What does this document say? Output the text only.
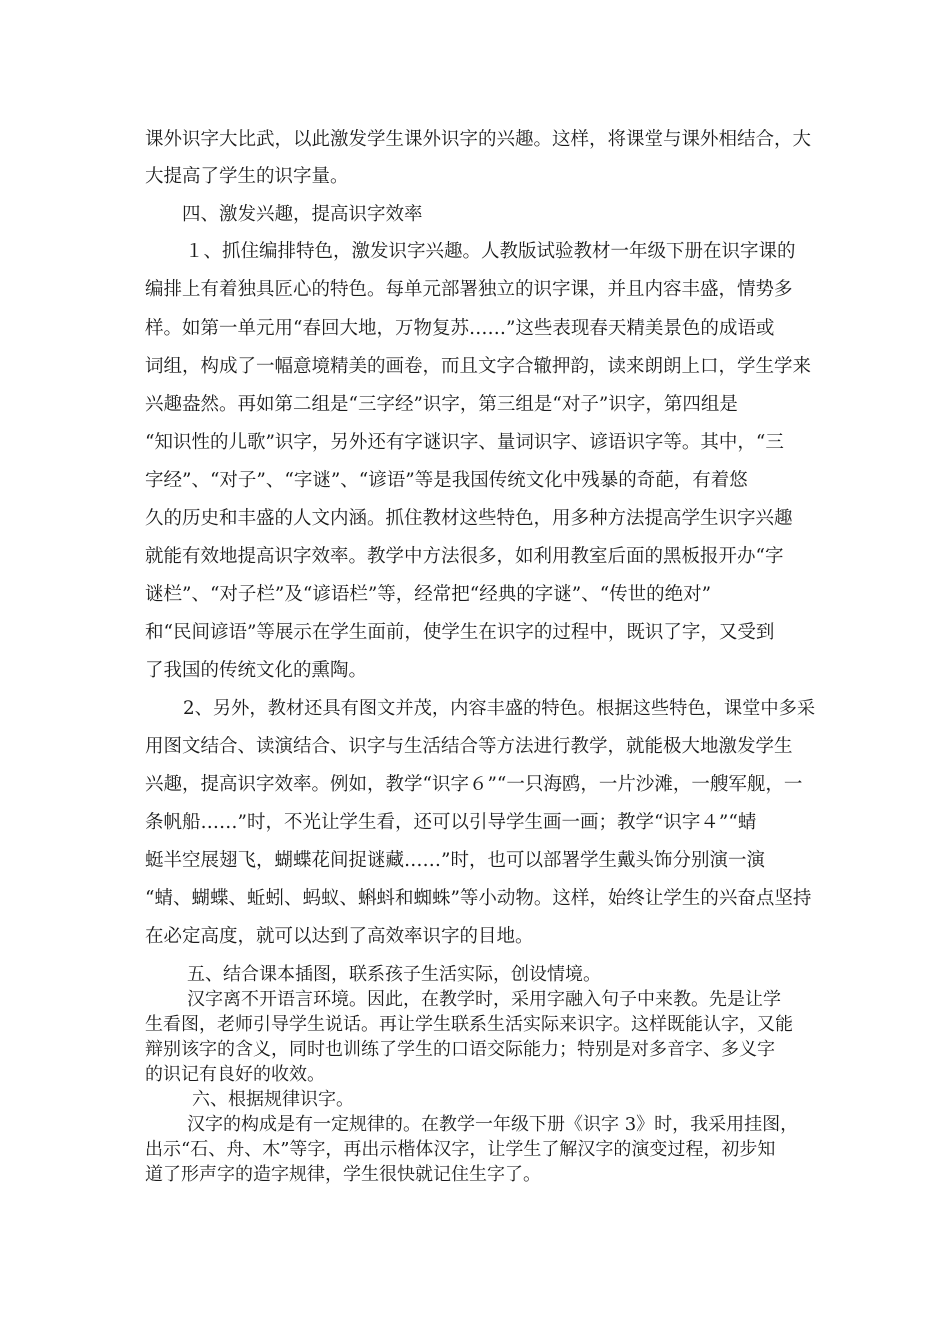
课外识字大比武，以此激发学生课外识字的兴趣。这样，将课堂与课外相结合，大
大提高了学生的识字量。
四、激发兴趣，提高识字效率
１、抓住编排特色，激发识字兴趣。人教版试验教材一年级下册在识字课的
编排上有着独具匠心的特色。每单元部署独立的识字课，并且内容丰盛，情势多
样。如第一单元用“春回大地，万物复苏……”这些表现春天精美景色的成语或
词组，构成了一幅意境精美的画卷，而且文字合辙押韵，读来朗朗上口，学生学来
兴趣盎然。再如第二组是“三字经”识字，第三组是“对子”识字，第四组是
“知识性的儿歌”识字，另外还有字谜识字、量词识字、谚语识字等。其中，“三
字经”、“对子”、“字谜”、“谚语”等是我国传统文化中残暴的奇葩，有着悠
久的历史和丰盛的人文内涵。抓住教材这些特色，用多种方法提高学生识字兴趣
就能有效地提高识字效率。教学中方法很多，如利用教室后面的黑板报开办“字
谜栏”、“对子栏”及“谚语栏”等，经常把“经典的字谜”、“传世的绝对”
和“民间谚语”等展示在学生面前，使学生在识字的过程中，既识了字，又受到
了我国的传统文化的熏陶。
2、另外，教材还具有图文并茂，内容丰盛的特色。根据这些特色，课堂中多采
用图文结合、读演结合、识字与生活结合等方法进行教学，就能极大地激发学生
兴趣，提高识字效率。例如，教学“识字６”“一只海鸥，一片沙滩，一艘军舰，一
条帆船……”时，不光让学生看，还可以引导学生画一画；教学“识字４”“蜻
蜓半空展翅飞，蝴蝶花间捉谜藏……”时，也可以部署学生戴头饰分别演一演
“蜻、蝴蝶、蚯蚓、蚂蚁、蝌蚪和蜘蛛”等小动物。这样，始终让学生的兴奋点坚持
在必定高度，就可以达到了高效率识字的目地。
五、结合课本插图，联系孩子生活实际，创设情境。
汉字离不开语言环境。因此，在教学时，采用字融入句子中来教。先是让学
生看图，老师引导学生说话。再让学生联系生活实际来识字。这样既能认字，又能
辩别该字的含义，同时也训练了学生的口语交际能力；特别是对多音字、多义字
的识记有良好的收效。
六、根据规律识字。
汉字的构成是有一定规律的。在教学一年级下册《识字 3》时，我采用挂图，
出示“石、舟、木”等字，再出示楷体汉字，让学生了解汉字的演变过程，初步知
道了形声字的造字规律，学生很快就记住生字了。
